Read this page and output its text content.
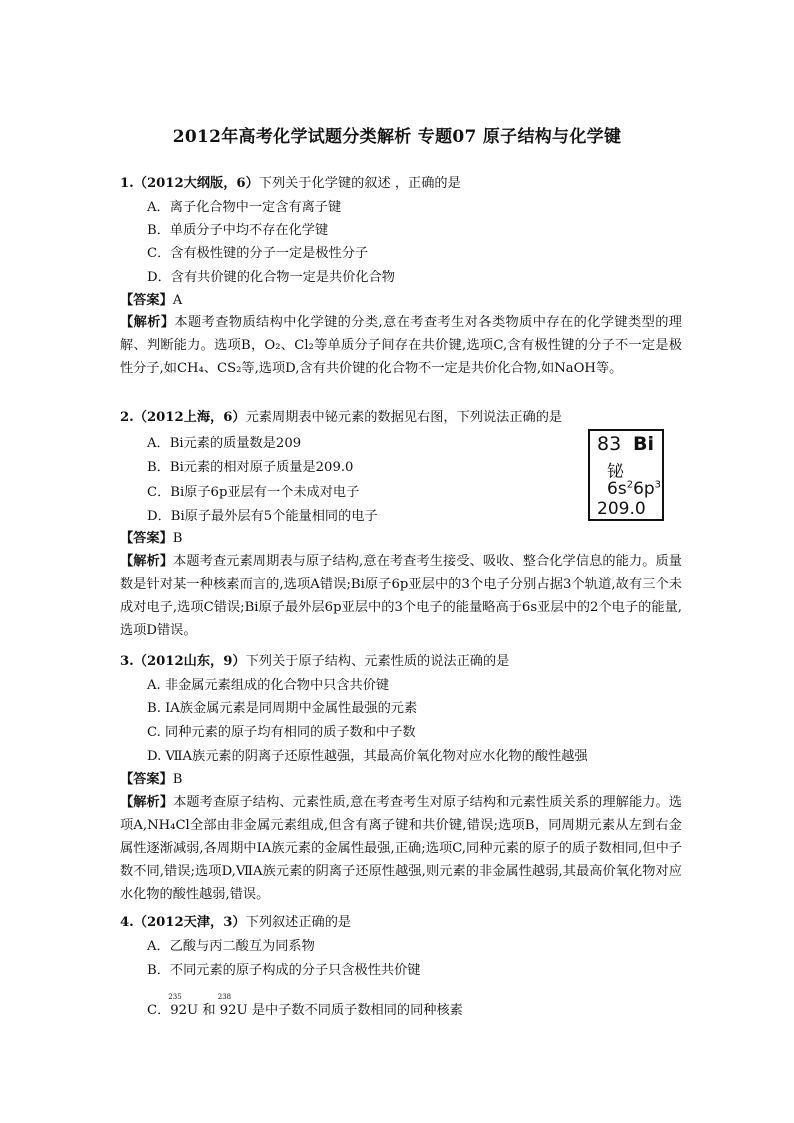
2012年高考化学试题分类解析 专题07 原子结构与化学键
1.（2012大纲版，6）下列关于化学键的叙述 ，正确的是
A．离子化合物中一定含有离子键
B．单质分子中均不存在化学键
C．含有极性键的分子一定是极性分子
D．含有共价键的化合物一定是共价化合物
【答案】A
【解析】本题考查物质结构中化学键的分类,意在考查考生对各类物质中存在的化学键类型的理解、判断能力。选项B，O₂、Cl₂等单质分子间存在共价键,选项C,含有极性键的分子不一定是极性分子,如CH₄、CS₂等,选项D,含有共价键的化合物不一定是共价化合物,如NaOH等。
2.（2012上海，6）元素周期表中铋元素的数据见右图，下列说法正确的是
A．Bi元素的质量数是209
B．Bi元素的相对原子质量是209.0
C．Bi原子6p亚层有一个未成对电子
D．Bi原子最外层有5个能量相同的电子
83 Bi
铋
$6s^26p^3$
209.0
【答案】B
【解析】本题考查元素周期表与原子结构,意在考查考生接受、吸收、整合化学信息的能力。质量数是针对某一种核素而言的,选项A错误;Bi原子6p亚层中的3个电子分别占据3个轨道,故有三个未成对电子,选项C错误;Bi原子最外层6p亚层中的3个电子的能量略高于6s亚层中的2个电子的能量,选项D错误。
3.（2012山东，9）下列关于原子结构、元素性质的说法正确的是
A. 非金属元素组成的化合物中只含共价键
B. ⅠA族金属元素是同周期中金属性最强的元素
C. 同种元素的原子均有相同的质子数和中子数
D. ⅦA族元素的阴离子还原性越强，其最高价氧化物对应水化物的酸性越强
【答案】B
【解析】本题考查原子结构、元素性质,意在考查考生对原子结构和元素性质关系的理解能力。选项A,NH₄Cl全部由非金属元素组成,但含有离子键和共价键,错误;选项B，同周期元素从左到右金属性逐渐减弱,各周期中ⅠA族元素的金属性最强,正确;选项C,同种元素的原子的质子数相同,但中子数不同,错误;选项D,ⅦA族元素的阴离子还原性越强,则元素的非金属性越弱,其最高价氧化物对应水化物的酸性越弱,错误。
4.（2012天津，3）下列叙述正确的是
A．乙酸与丙二酸互为同系物
B．不同元素的原子构成的分子只含极性共价键
C．
235
92U 和
238
92U 是中子数不同质子数相同的同种核素
